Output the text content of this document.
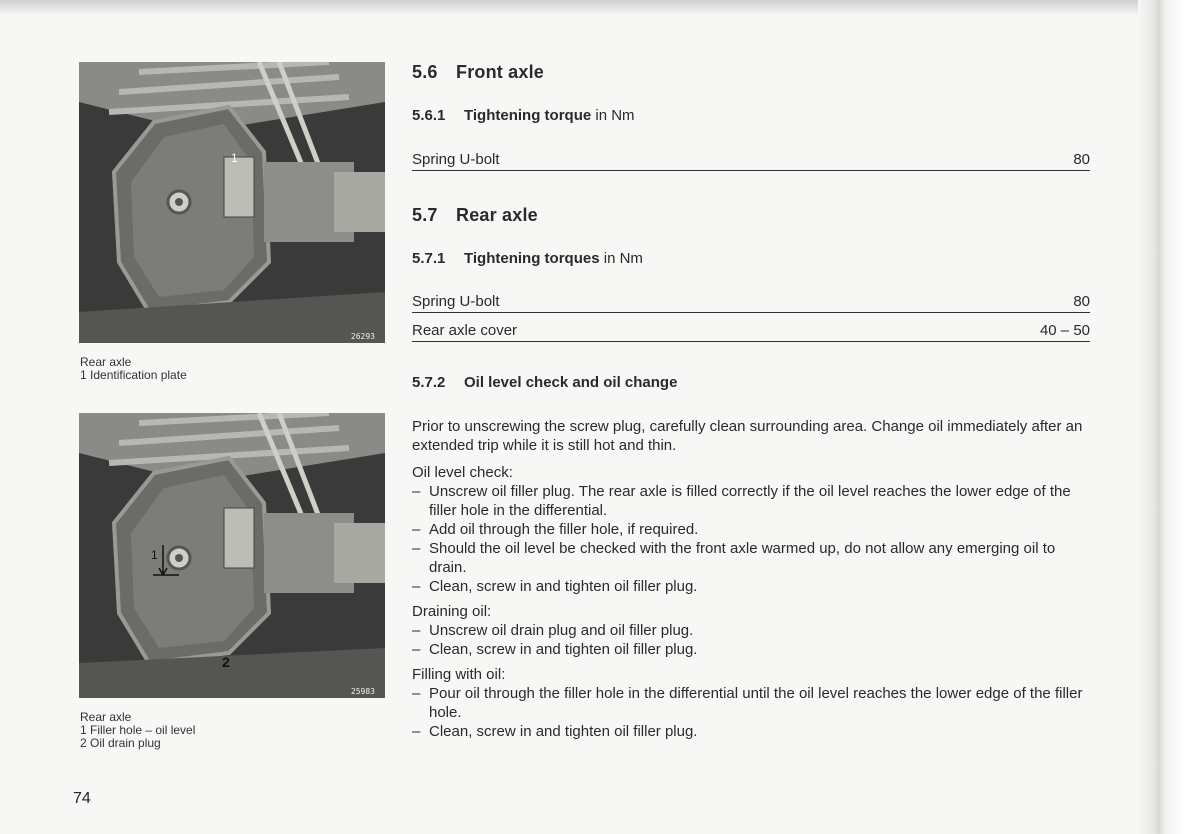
1
26293
Rear axle
1 Identification plate
1
2
25983
Rear axle
1 Filler hole – oil level
2 Oil drain plug
74
5.6 Front axle
5.6.1 Tightening torque in Nm
Spring U-bolt	80
5.7 Rear axle
5.7.1 Tightening torques in Nm
Spring U-bolt	80
Rear axle cover	40 – 50
5.7.2 Oil level check and oil change

Prior to unscrewing the screw plug, carefully clean surrounding area. Change oil immediately after an extended trip while it is still hot and thin.

Oil level check:
– Unscrew oil filler plug. The rear axle is filled correctly if the oil level reaches the lower edge of the filler hole in the differential.
– Add oil through the filler hole, if required.
– Should the oil level be checked with the front axle warmed up, do not allow any emerging oil to drain.
– Clean, screw in and tighten oil filler plug.
Draining oil:
– Unscrew oil drain plug and oil filler plug.
– Clean, screw in and tighten oil filler plug.
Filling with oil:
– Pour oil through the filler hole in the differential until the oil level reaches the lower edge of the filler hole.
– Clean, screw in and tighten oil filler plug.
